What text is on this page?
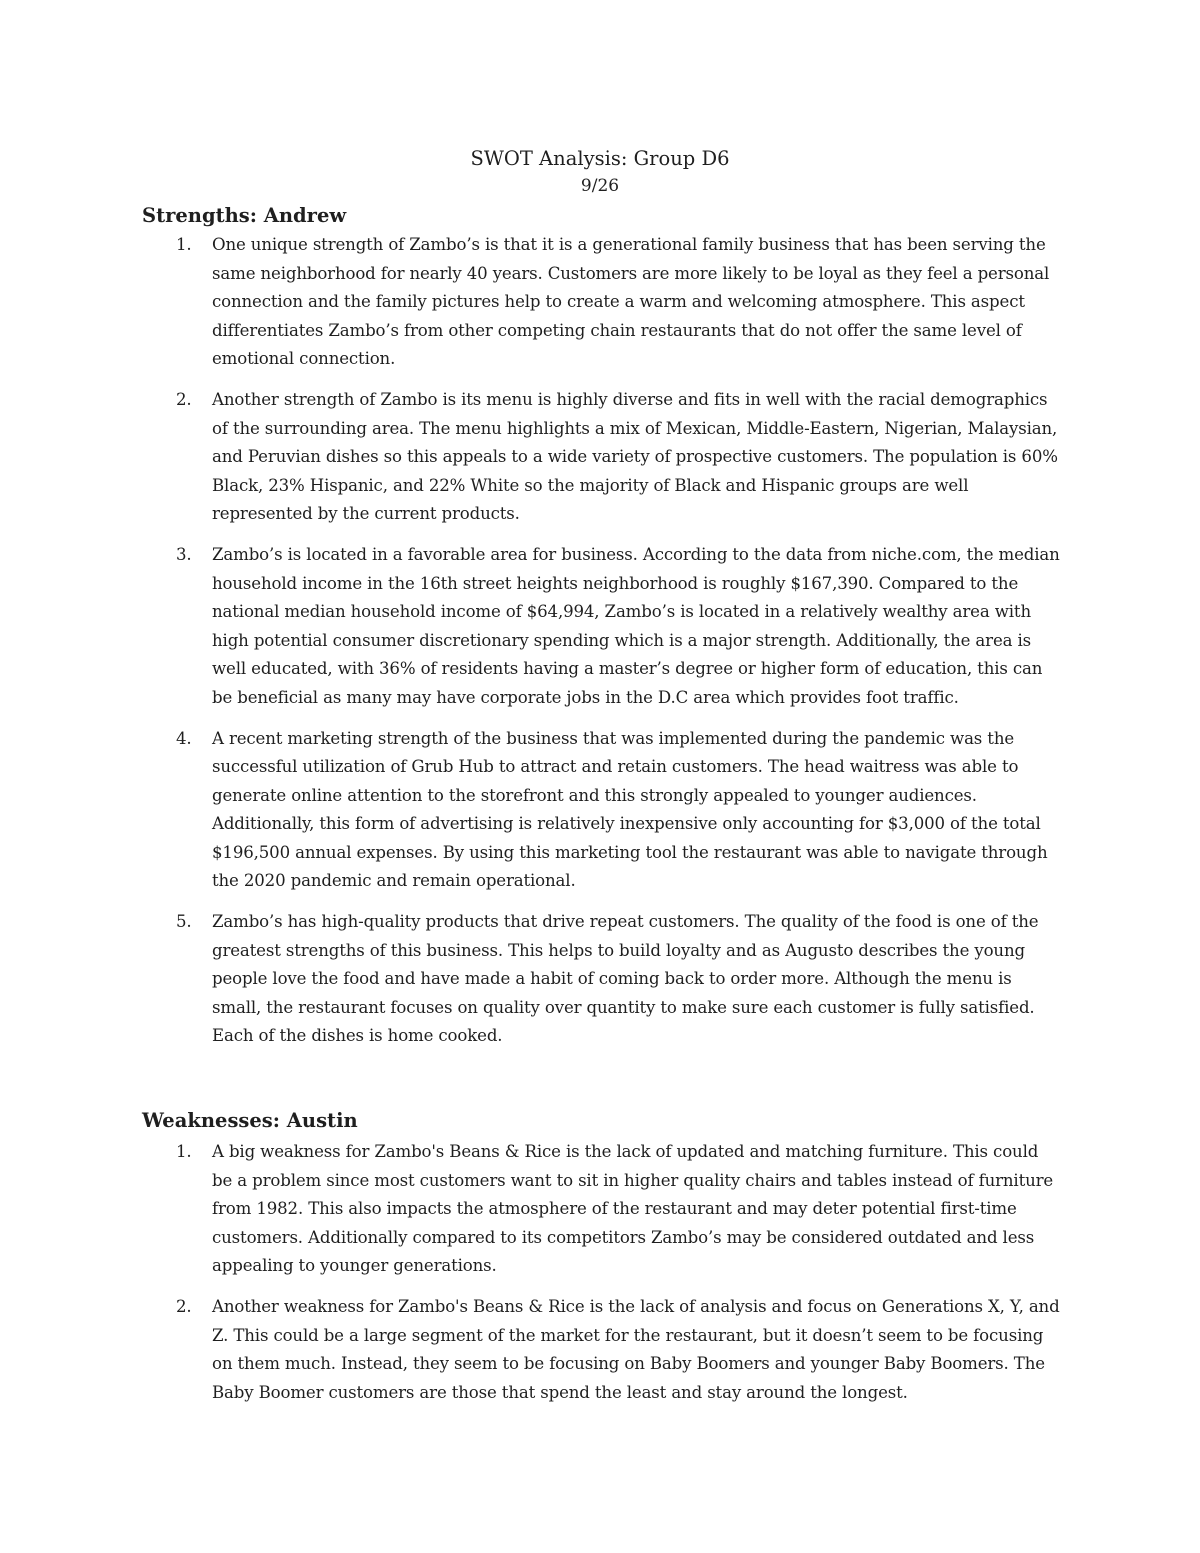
SWOT Analysis: Group D6
9/26
Strengths: Andrew
1. One unique strength of Zambo’s is that it is a generational family business that has been serving the same neighborhood for nearly 40 years. Customers are more likely to be loyal as they feel a personal connection and the family pictures help to create a warm and welcoming atmosphere. This aspect differentiates Zambo’s from other competing chain restaurants that do not offer the same level of emotional connection.
2. Another strength of Zambo is its menu is highly diverse and fits in well with the racial demographics of the surrounding area. The menu highlights a mix of Mexican, Middle-Eastern, Nigerian, Malaysian, and Peruvian dishes so this appeals to a wide variety of prospective customers. The population is 60% Black, 23% Hispanic, and 22% White so the majority of Black and Hispanic groups are well represented by the current products.
3. Zambo’s is located in a favorable area for business. According to the data from niche.com, the median household income in the 16th street heights neighborhood is roughly $167,390. Compared to the national median household income of $64,994, Zambo’s is located in a relatively wealthy area with high potential consumer discretionary spending which is a major strength. Additionally, the area is well educated, with 36% of residents having a master’s degree or higher form of education, this can be beneficial as many may have corporate jobs in the D.C area which provides foot traffic.
4. A recent marketing strength of the business that was implemented during the pandemic was the successful utilization of Grub Hub to attract and retain customers. The head waitress was able to generate online attention to the storefront and this strongly appealed to younger audiences. Additionally, this form of advertising is relatively inexpensive only accounting for $3,000 of the total $196,500 annual expenses. By using this marketing tool the restaurant was able to navigate through the 2020 pandemic and remain operational.
5. Zambo’s has high-quality products that drive repeat customers. The quality of the food is one of the greatest strengths of this business. This helps to build loyalty and as Augusto describes the young people love the food and have made a habit of coming back to order more. Although the menu is small, the restaurant focuses on quality over quantity to make sure each customer is fully satisfied. Each of the dishes is home cooked.
Weaknesses: Austin
1. A big weakness for Zambo's Beans & Rice is the lack of updated and matching furniture. This could be a problem since most customers want to sit in higher quality chairs and tables instead of furniture from 1982. This also impacts the atmosphere of the restaurant and may deter potential first-time customers. Additionally compared to its competitors Zambo’s may be considered outdated and less appealing to younger generations.
2. Another weakness for Zambo's Beans & Rice is the lack of analysis and focus on Generations X, Y, and Z. This could be a large segment of the market for the restaurant, but it doesn’t seem to be focusing on them much. Instead, they seem to be focusing on Baby Boomers and younger Baby Boomers. The Baby Boomer customers are those that spend the least and stay around the longest.
